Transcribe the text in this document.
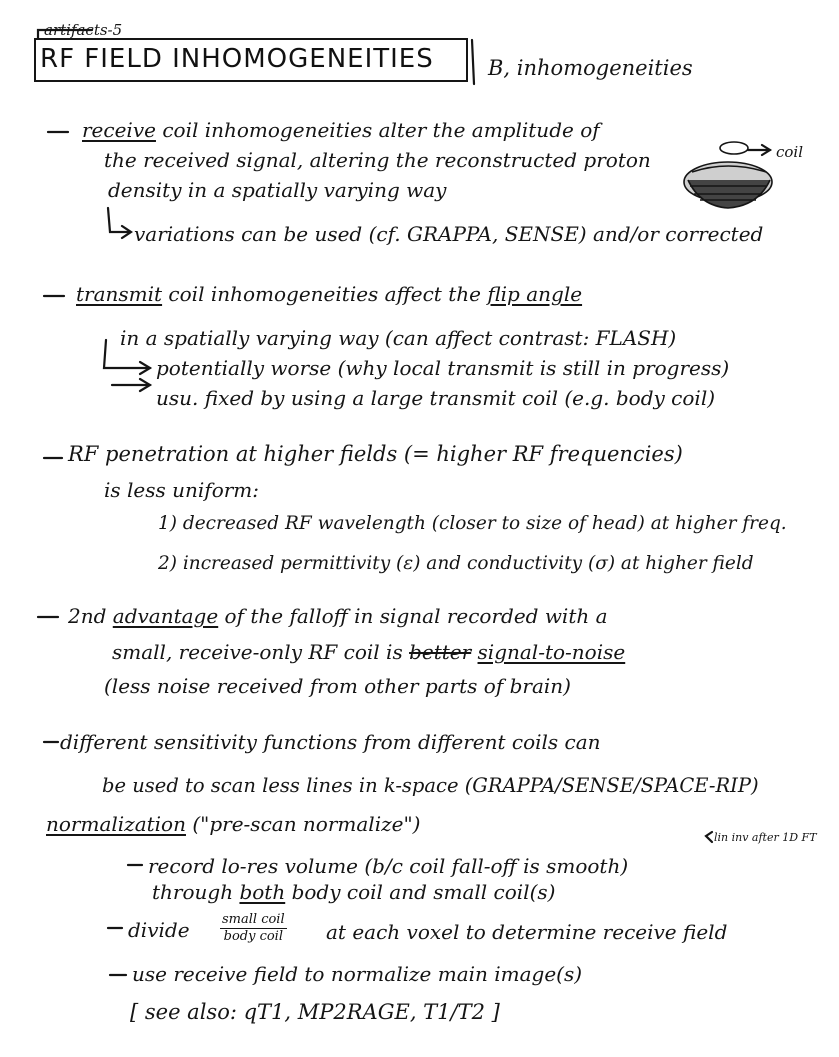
artifacts-5
RF FIELD INHOMOGENEITIES	B, inhomogeneities
coil
receive coil inhomogeneities alter the amplitude of
the received signal, altering the reconstructed proton
density in a spatially varying way
variations can be used (cf. GRAPPA, SENSE) and/or corrected
transmit coil inhomogeneities affect the flip angle
in a spatially varying way (can affect contrast: FLASH)
potentially worse (why local transmit is still in progress)
usu. fixed by using a large transmit coil (e.g. body coil)
RF penetration at higher fields (= higher RF frequencies)
is less uniform:
1) decreased RF wavelength (closer to size of head) at higher freq.
2) increased permittivity (ε) and conductivity (σ) at higher field
2nd advantage of the falloff in signal recorded with a
small, receive-only RF coil is better signal-to-noise
(less noise received from other parts of brain)
different sensitivity functions from different coils can
be used to scan less lines in k-space (GRAPPA/SENSE/SPACE-RIP)
lin inv after 1D FT
normalization ("pre-scan normalize")
record lo-res volume (b/c coil fall-off is smooth)
through both body coil and small coil(s)
divide small coil
body coil at each voxel to determine receive field
use receive field to normalize main image(s)
[ see also: qT1, MP2RAGE, T1/T2 ]
